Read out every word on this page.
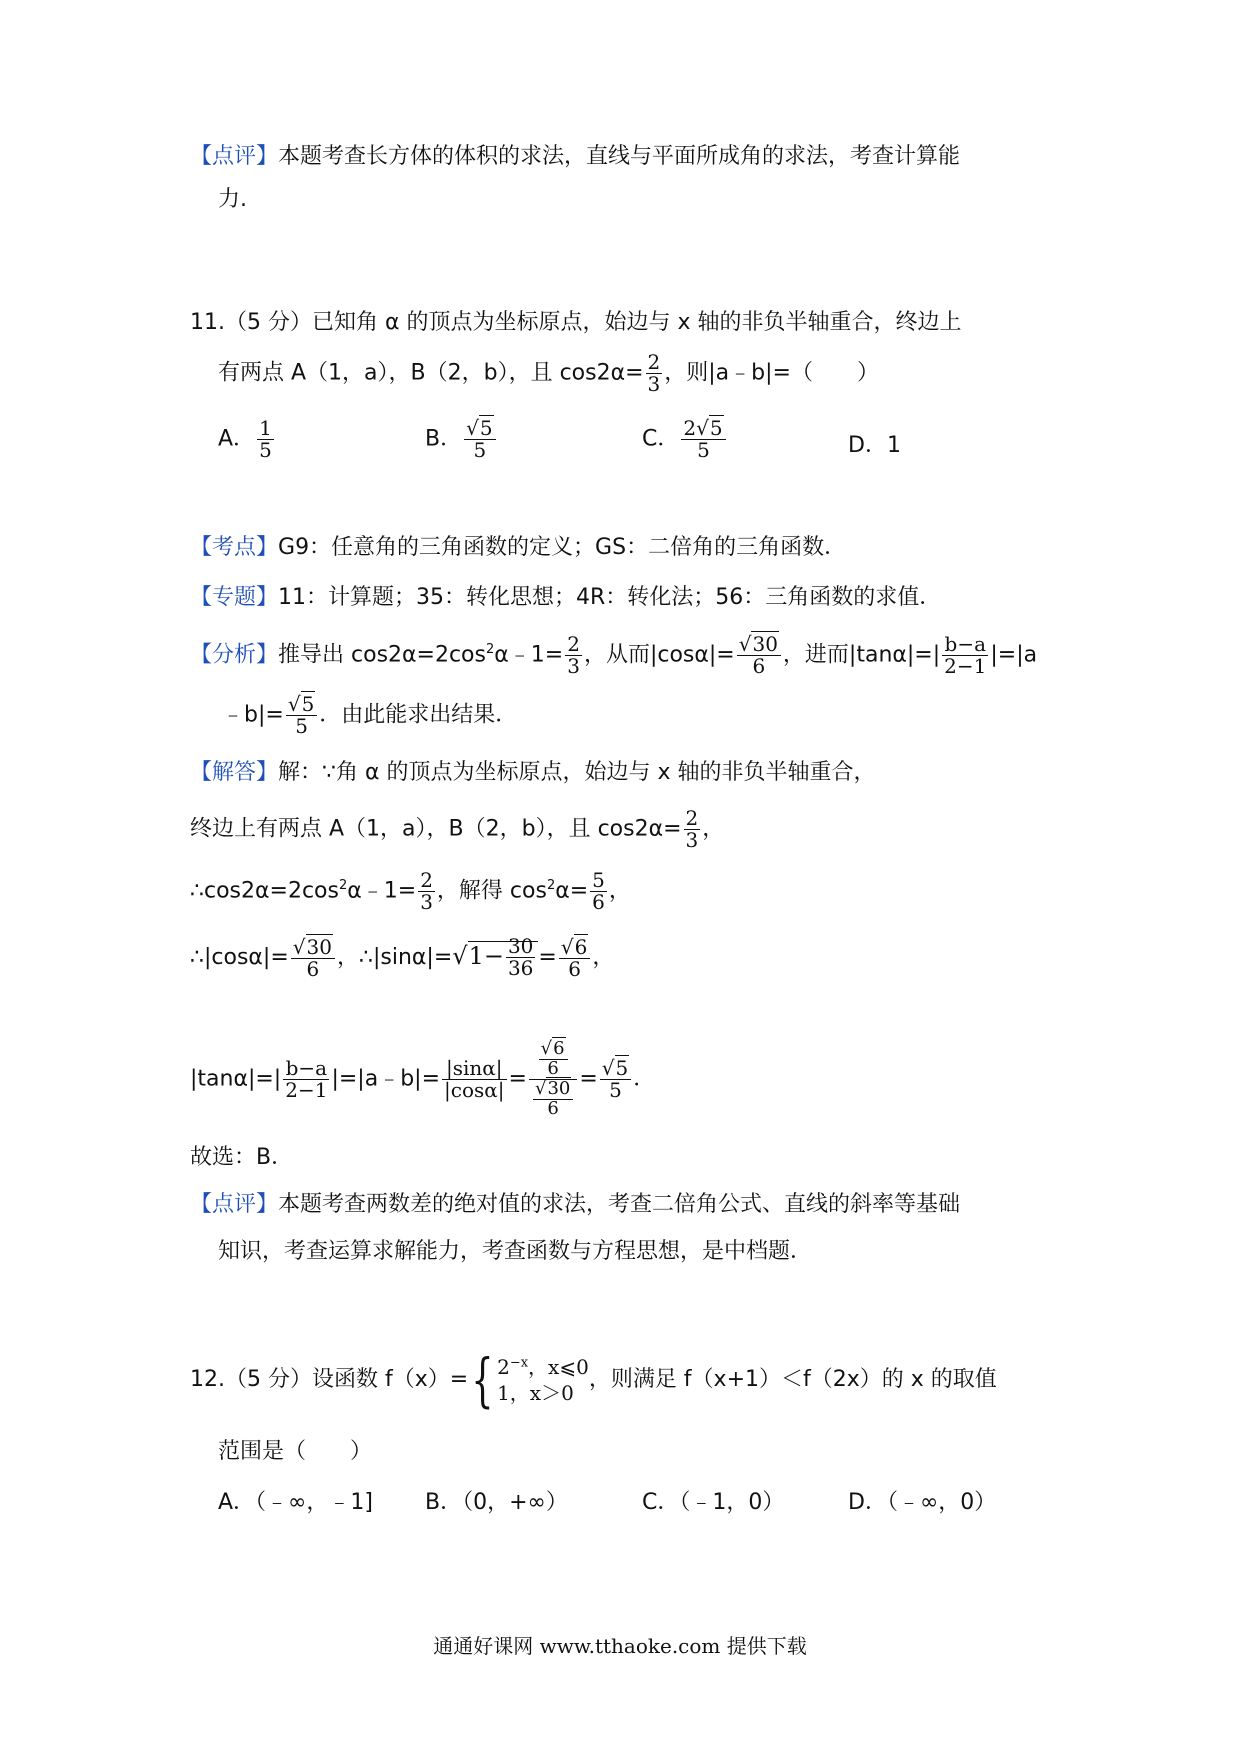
【点评】本题考查长方体的体积的求法，直线与平面所成角的求法，考查计算能
力.
11.（5 分）已知角 α 的顶点为坐标原点，始边与 x 轴的非负半轴重合，终边上
有两点 A（1，a），B（2，b），且 $\cos 2\alpha= \frac{2}{3}$ ，则|a﹣b|=（　　）
A． $\frac{1}{5}$	B． $\frac{√5}{5}$	C． $\frac{2√5}{5}$	D．1
【考点】G9：任意角的三角函数的定义；GS：二倍角的三角函数．
【专题】11：计算题；35：转化思想；4R：转化法；56：三角函数的求值．
【分析】推导出 $\cos 2\alpha=2\cos^2\alpha﹣1= \frac{2}{3}$ ，从而$|\cos\alpha|= \frac{√30}{6}$ ，进而$|\tan\alpha|=| \frac{b-a}{2-1} |=|a$
﹣b|= $\frac{√5}{5}$ ．由此能求出结果．
【解答】解：∵角 α 的顶点为坐标原点，始边与 x 轴的非负半轴重合，
终边上有两点 A（1，a），B（2，b），且 $\cos 2\alpha= \frac{2}{3}$ ，
$\therefore\cos 2\alpha=2\cos^2\alpha﹣1= \frac{2}{3}$ ，解得 $\cos^2\alpha= \frac{5}{6}$ ，
∴|cosα|= $\frac{√30}{6}$ ，∴|sinα|=√1− $\frac{30}{36} = \frac{√6}{6}$ ，
$|\tan\alpha|=| \frac{b-a}{2-1}$ |=|a﹣b|= $\frac{|\sin\alpha|}{|\cos\alpha|} = \frac{\frac{√6}{6}}{\frac{√30}{6}} = \frac{√5}{5}$ ．
故选：B．
【点评】本题考查两数差的绝对值的求法，考查二倍角公式、直线的斜率等基础
知识，考查运算求解能力，考查函数与方程思想，是中档题．
12.（5 分）设函数 f（x）={ $2^{-x}$，x⩽0
1，x＞0
，则满足 f（x+1）＜f（2x）的 x 的取值
范围是（　　）
A．（﹣∞，﹣1] B．（0，+∞）	C．（﹣1，0）	D．（﹣∞，0）
通通好课网 www.tthaoke.com 提供下载
